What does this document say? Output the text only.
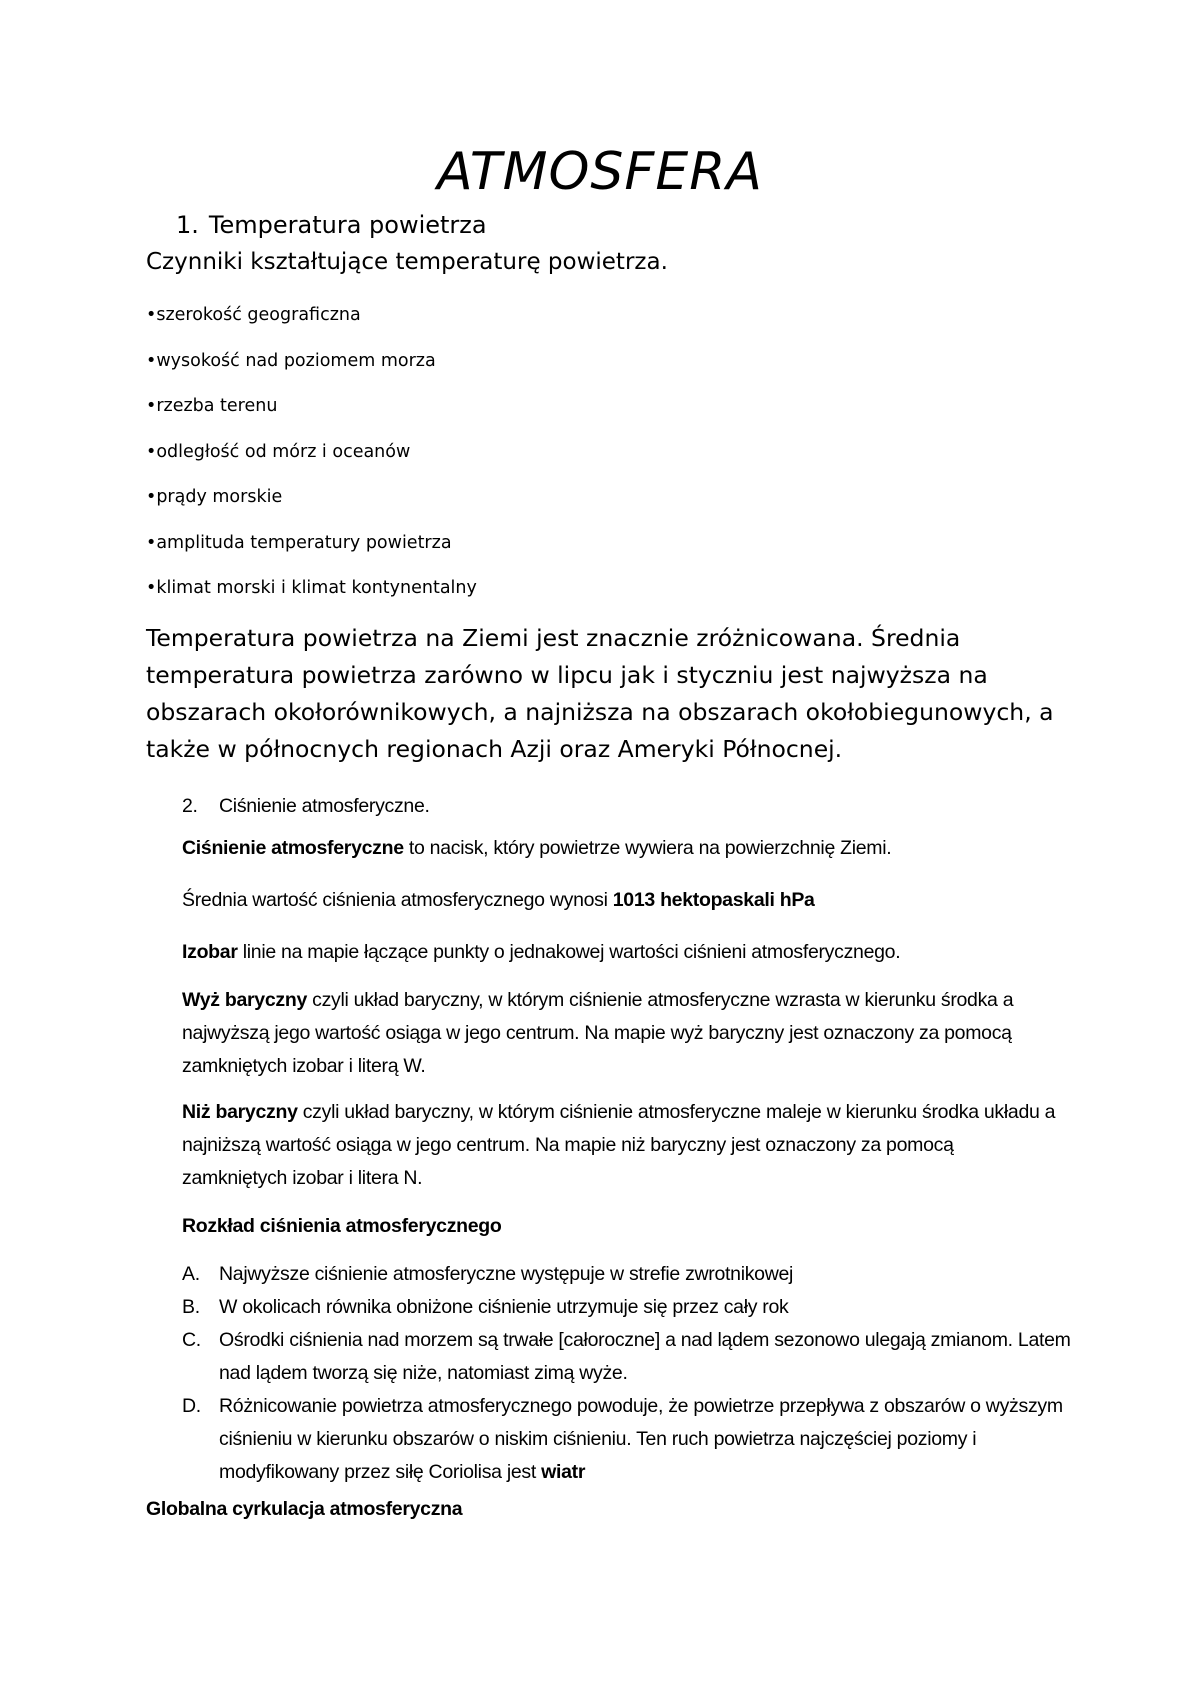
ATMOSFERA
1. Temperatura powietrza

Czynniki kształtujące temperaturę powietrza.

•szerokość geograficzna
•wysokość nad poziomem morza
•rzezba terenu
•odległość od mórz i oceanów
•prądy morskie
•amplituda temperatury powietrza
•klimat morski i klimat kontynentalny

Temperatura powietrza na Ziemi jest znacznie zróżnicowana. Średnia temperatura powietrza zarówno w lipcu jak i styczniu jest najwyższa na obszarach okołorównikowych, a najniższa na obszarach okołobiegunowych, a także w północnych regionach Azji oraz Ameryki Północnej.

2. Ciśnienie atmosferyczne.

Ciśnienie atmosferyczne to nacisk, który powietrze wywiera na powierzchnię Ziemi.

Średnia wartość ciśnienia atmosferycznego wynosi 1013 hektopaskali hPa

Izobar linie na mapie łączące punkty o jednakowej wartości ciśnieni atmosferycznego.

Wyż baryczny czyli układ baryczny, w którym ciśnienie atmosferyczne wzrasta w kierunku środka a najwyższą jego wartość osiąga w jego centrum. Na mapie wyż baryczny jest oznaczony za pomocą zamkniętych izobar i literą W.

Niż baryczny czyli układ baryczny, w którym ciśnienie atmosferyczne maleje w kierunku środka układu a najniższą wartość osiąga w jego centrum. Na mapie niż baryczny jest oznaczony za pomocą zamkniętych izobar i litera N.

Rozkład ciśnienia atmosferycznego

A. Najwyższe ciśnienie atmosferyczne występuje w strefie zwrotnikowej
B. W okolicach równika obniżone ciśnienie utrzymuje się przez cały rok
C. Ośrodki ciśnienia nad morzem są trwałe [całoroczne] a nad lądem sezonowo ulegają zmianom. Latem nad lądem tworzą się niże, natomiast zimą wyże.
D. Różnicowanie powietrza atmosferycznego powoduje, że powietrze przepływa z obszarów o wyższym ciśnieniu w kierunku obszarów o niskim ciśnieniu. Ten ruch powietrza najczęściej poziomy i modyfikowany przez siłę Coriolisa jest wiatr

Globalna cyrkulacja atmosferyczna
